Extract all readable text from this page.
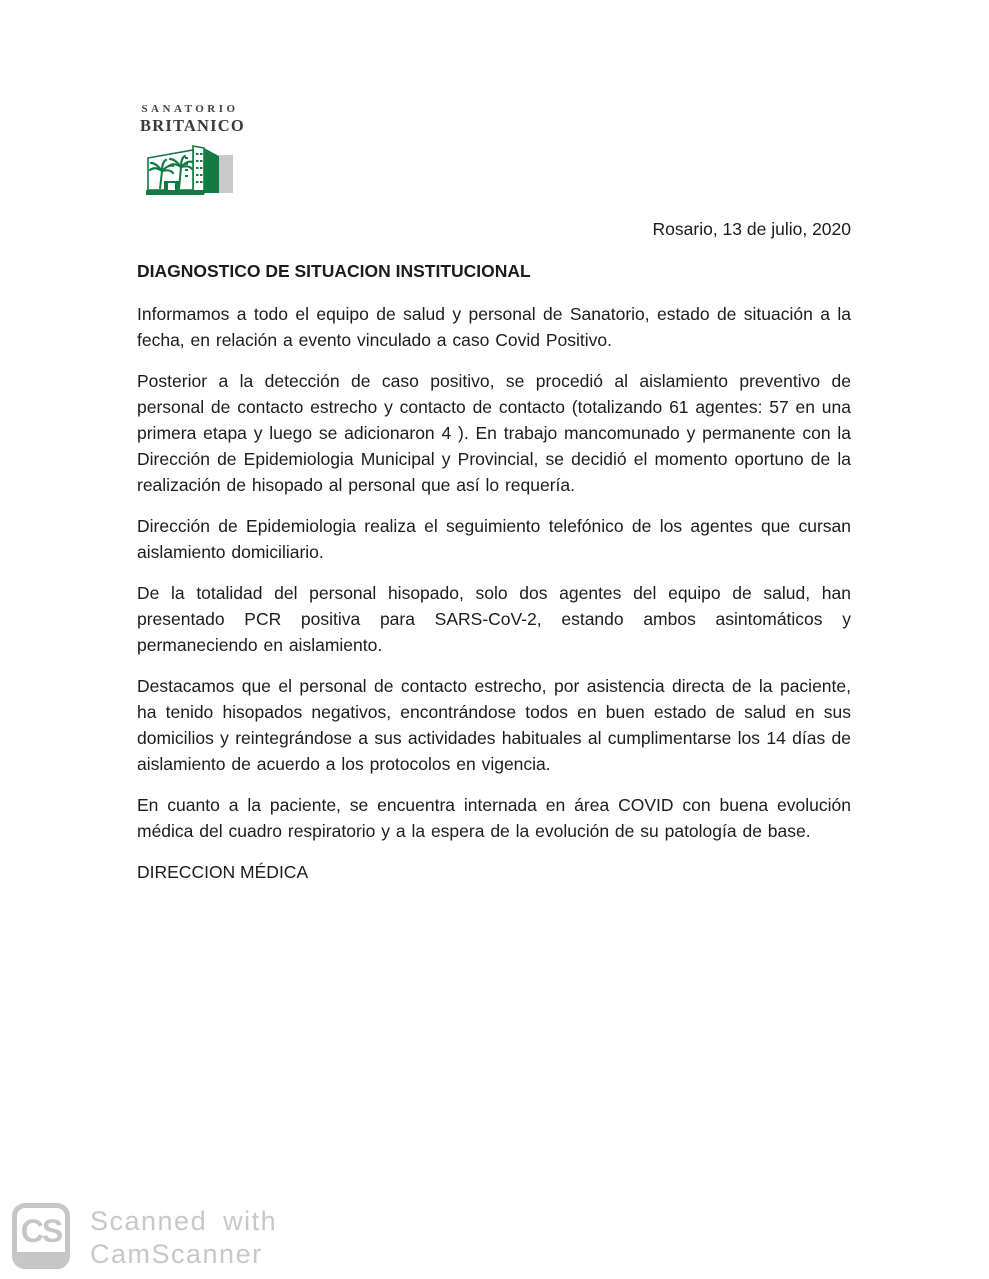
SANATORIO
BRITANICO
Rosario, 13 de julio, 2020
DIAGNOSTICO DE SITUACION INSTITUCIONAL

Informamos a todo el equipo de salud y personal de Sanatorio, estado de situación a la fecha, en relación a evento vinculado a caso Covid Positivo.

Posterior a la detección de caso positivo, se procedió al aislamiento preventivo de personal de contacto estrecho y contacto de contacto (totalizando 61 agentes: 57 en una primera etapa y luego se adicionaron 4 ). En trabajo mancomunado y permanente con la Dirección de Epidemiologia Municipal y Provincial, se decidió el momento oportuno de la realización de hisopado al personal que así lo requería.

Dirección de Epidemiologia realiza el seguimiento telefónico de los agentes que cursan aislamiento domiciliario.

De la totalidad del personal hisopado, solo dos agentes del equipo de salud, han presentado PCR positiva para SARS-CoV-2, estando ambos asintomáticos y permaneciendo en aislamiento.

Destacamos que el personal de contacto estrecho, por asistencia directa de la paciente, ha tenido hisopados negativos, encontrándose todos en buen estado de salud en sus domicilios y reintegrándose a sus actividades habituales al cumplimentarse los 14 días de aislamiento de acuerdo a los protocolos en vigencia.

En cuanto a la paciente, se encuentra internada en área COVID con buena evolución médica del cuadro respiratorio y a la espera de la evolución de su patología de base.

DIRECCION MÉDICA
CS Scanned with
CamScanner
